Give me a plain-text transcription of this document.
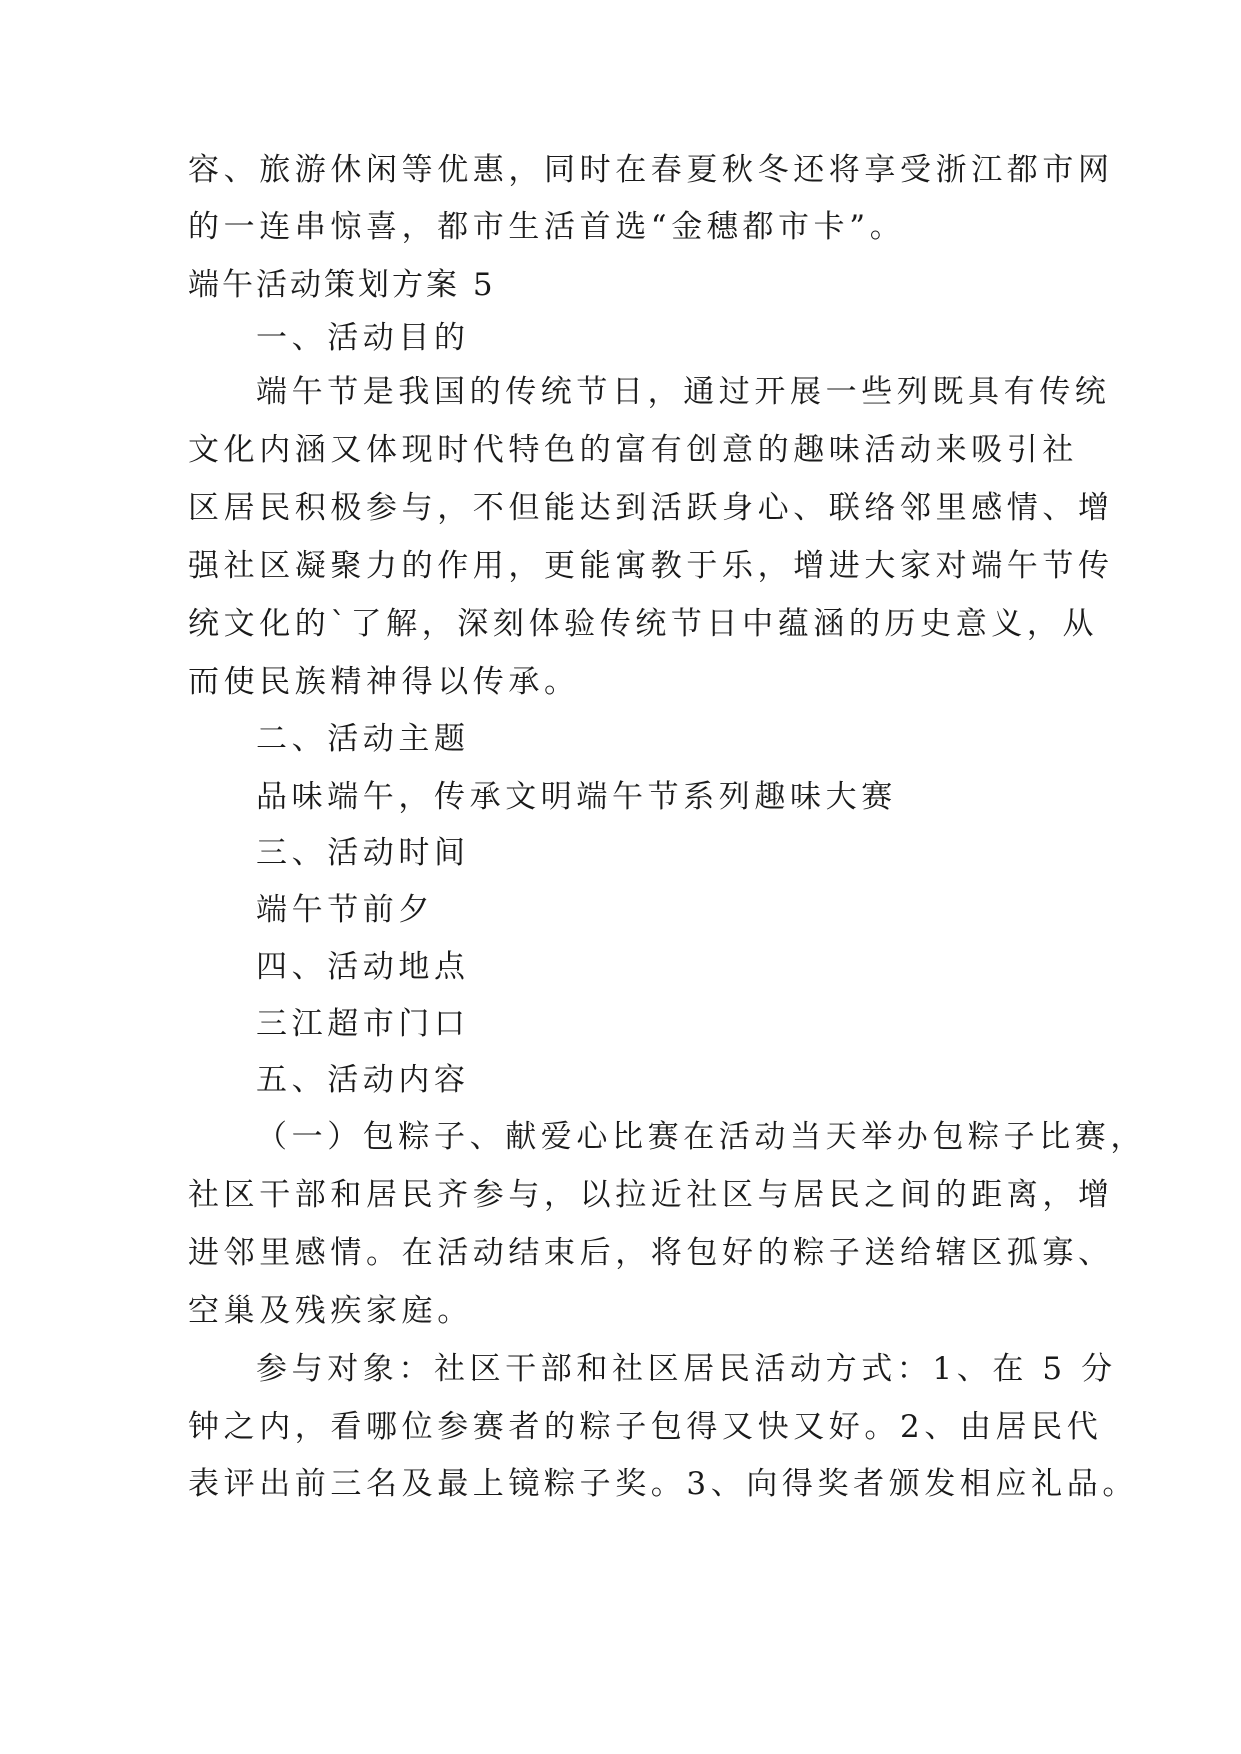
容、旅游休闲等优惠，同时在春夏秋冬还将享受浙江都市网
的一连串惊喜，都市生活首选“金穗都市卡”。
端午活动策划方案 5
一、活动目的
端午节是我国的传统节日，通过开展一些列既具有传统
文化内涵又体现时代特色的富有创意的趣味活动来吸引社
区居民积极参与，不但能达到活跃身心、联络邻里感情、增
强社区凝聚力的作用，更能寓教于乐，增进大家对端午节传
统文化的`了解，深刻体验传统节日中蕴涵的历史意义，从
而使民族精神得以传承。
二、活动主题
品味端午，传承文明端午节系列趣味大赛
三、活动时间
端午节前夕
四、活动地点
三江超市门口
五、活动内容
（一）包粽子、献爱心比赛在活动当天举办包粽子比赛，
社区干部和居民齐参与，以拉近社区与居民之间的距离，增
进邻里感情。在活动结束后，将包好的粽子送给辖区孤寡、
空巢及残疾家庭。
参与对象：社区干部和社区居民活动方式：1、在 5 分
钟之内，看哪位参赛者的粽子包得又快又好。2、由居民代
表评出前三名及最上镜粽子奖。3、向得奖者颁发相应礼品。
